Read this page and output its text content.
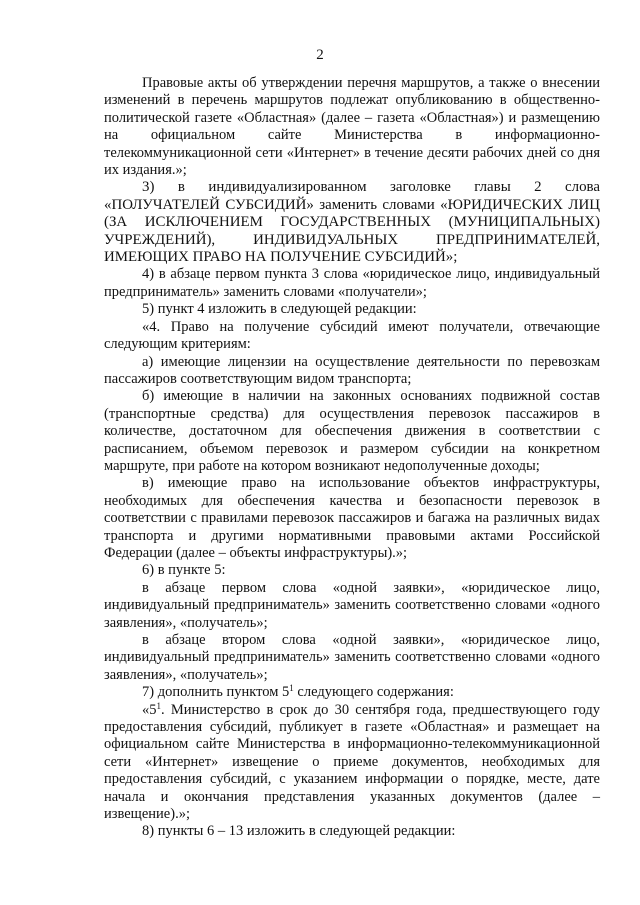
2

Правовые акты об утверждении перечня маршрутов, а также о внесении изменений в перечень маршрутов подлежат опубликованию в общественно-политической газете «Областная» (далее – газета «Областная») и размещению на официальном сайте Министерства в информационно-телекоммуникационной сети «Интернет» в течение десяти рабочих дней со дня их издания.»;

3) в индивидуализированном заголовке главы 2 слова «ПОЛУЧАТЕЛЕЙ СУБСИДИЙ» заменить словами «ЮРИДИЧЕСКИХ ЛИЦ (ЗА ИСКЛЮЧЕНИЕМ ГОСУДАРСТВЕННЫХ (МУНИЦИПАЛЬНЫХ) УЧРЕЖДЕНИЙ), ИНДИВИДУАЛЬНЫХ ПРЕДПРИНИМАТЕЛЕЙ, ИМЕЮЩИХ ПРАВО НА ПОЛУЧЕНИЕ СУБСИДИЙ»;

4) в абзаце первом пункта 3 слова «юридическое лицо, индивидуальный предприниматель» заменить словами «получатели»;

5) пункт 4 изложить в следующей редакции:

«4. Право на получение субсидий имеют получатели, отвечающие следующим критериям:

а) имеющие лицензии на осуществление деятельности по перевозкам пассажиров соответствующим видом транспорта;

б) имеющие в наличии на законных основаниях подвижной состав (транспортные средства) для осуществления перевозок пассажиров в количестве, достаточном для обеспечения движения в соответствии с расписанием, объемом перевозок и размером субсидии на конкретном маршруте, при работе на котором возникают недополученные доходы;

в) имеющие право на использование объектов инфраструктуры, необходимых для обеспечения качества и безопасности перевозок в соответствии с правилами перевозок пассажиров и багажа на различных видах транспорта и другими нормативными правовыми актами Российской Федерации (далее – объекты инфраструктуры).»;

6) в пункте 5:

в абзаце первом слова «одной заявки», «юридическое лицо, индивидуальный предприниматель» заменить соответственно словами «одного заявления», «получатель»;

в абзаце втором слова «одной заявки», «юридическое лицо, индивидуальный предприниматель» заменить соответственно словами «одного заявления», «получатель»;

7) дополнить пунктом $5^1$ следующего содержания:

«$5^1$. Министерство в срок до 30 сентября года, предшествующего году предоставления субсидий, публикует в газете «Областная» и размещает на официальном сайте Министерства в информационно-телекоммуникационной сети «Интернет» извещение о приеме документов, необходимых для предоставления субсидий, с указанием информации о порядке, месте, дате начала и окончания представления указанных документов (далее – извещение).»;

8) пункты 6 – 13 изложить в следующей редакции:
